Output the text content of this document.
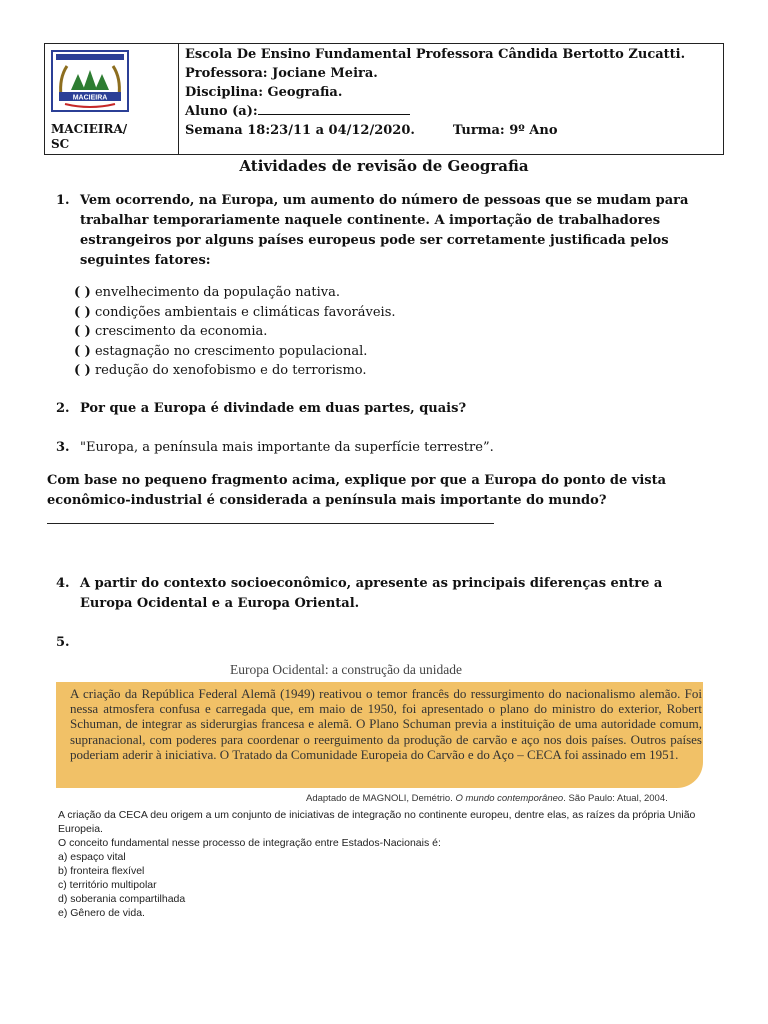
MACIEIRA
MACIEIRA/
SC
Escola De Ensino Fundamental Professora Cândida Bertotto Zucatti.
Professora: Jociane Meira.
Disciplina: Geografia.
Aluno (a):
Semana 18:23/11 a 04/12/2020.	Turma: 9º Ano
Atividades de revisão de Geografia
1. Vem ocorrendo, na Europa, um aumento do número de pessoas que se mudam para trabalhar temporariamente naquele continente. A importação de trabalhadores estrangeiros por alguns países europeus pode ser corretamente justificada pelos seguintes fatores:
( ) envelhecimento da população nativa.
( ) condições ambientais e climáticas favoráveis.
( ) crescimento da economia.
( ) estagnação no crescimento populacional.
( ) redução do xenofobismo e do terrorismo.
2. Por que a Europa é divindade em duas partes, quais?
3. "Europa, a península mais importante da superfície terrestre”.
Com base no pequeno fragmento acima, explique por que a Europa do ponto de vista econômico-industrial é considerada a península mais importante do mundo?
4. A partir do contexto socioeconômico, apresente as principais diferenças entre a Europa Ocidental e a Europa Oriental.
5.
Europa Ocidental: a construção da unidade
A criação da República Federal Alemã (1949) reativou o temor francês do ressurgimento do nacionalismo alemão. Foi nessa atmosfera confusa e carregada que, em maio de 1950, foi apresentado o plano do ministro do exterior, Robert Schuman, de integrar as siderurgias francesa e alemã. O Plano Schuman previa a instituição de uma autoridade comum, supranacional, com poderes para coordenar o reerguimento da produção de carvão e aço nos dois países. Outros países poderiam aderir à iniciativa. O Tratado da Comunidade Europeia do Carvão e do Aço – CECA foi assinado em 1951.
Adaptado de MAGNOLI, Demétrio. O mundo contemporâneo. São Paulo: Atual, 2004.
A criação da CECA deu origem a um conjunto de iniciativas de integração no continente europeu, dentre elas, as raízes da própria União Europeia.
O conceito fundamental nesse processo de integração entre Estados-Nacionais é:
a) espaço vital
b) fronteira flexível
c) território multipolar
d) soberania compartilhada
e) Gênero de vida.
